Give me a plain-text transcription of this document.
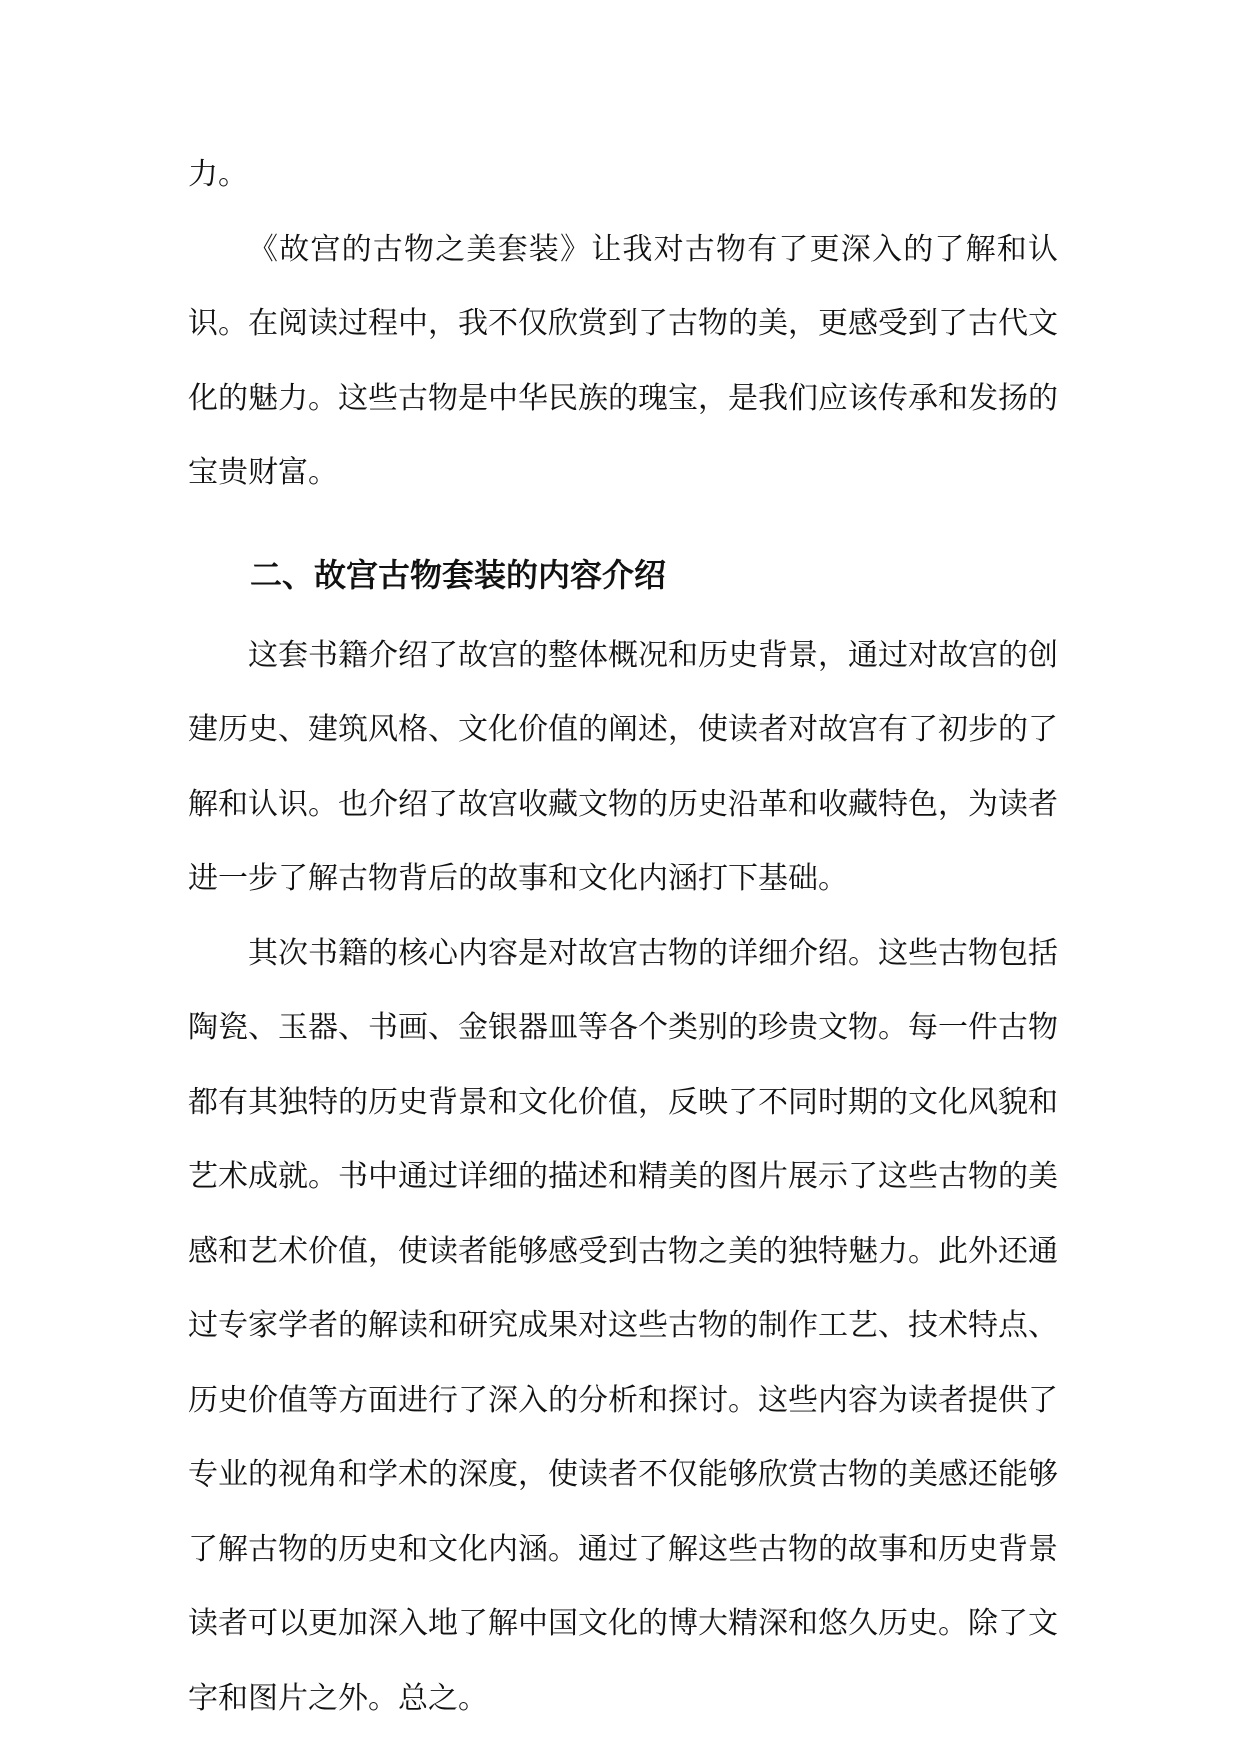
力。

《故宫的古物之美套装》让我对古物有了更深入的了解和认识。在阅读过程中，我不仅欣赏到了古物的美，更感受到了古代文化的魅力。这些古物是中华民族的瑰宝，是我们应该传承和发扬的宝贵财富。

二、故宫古物套装的内容介绍

这套书籍介绍了故宫的整体概况和历史背景，通过对故宫的创建历史、建筑风格、文化价值的阐述，使读者对故宫有了初步的了解和认识。也介绍了故宫收藏文物的历史沿革和收藏特色，为读者进一步了解古物背后的故事和文化内涵打下基础。

其次书籍的核心内容是对故宫古物的详细介绍。这些古物包括陶瓷、玉器、书画、金银器皿等各个类别的珍贵文物。每一件古物都有其独特的历史背景和文化价值，反映了不同时期的文化风貌和艺术成就。书中通过详细的描述和精美的图片展示了这些古物的美感和艺术价值，使读者能够感受到古物之美的独特魅力。此外还通过专家学者的解读和研究成果对这些古物的制作工艺、技术特点、历史价值等方面进行了深入的分析和探讨。这些内容为读者提供了专业的视角和学术的深度，使读者不仅能够欣赏古物的美感还能够了解古物的历史和文化内涵。通过了解这些古物的故事和历史背景读者可以更加深入地了解中国文化的博大精深和悠久历史。除了文字和图片之外。总之。
